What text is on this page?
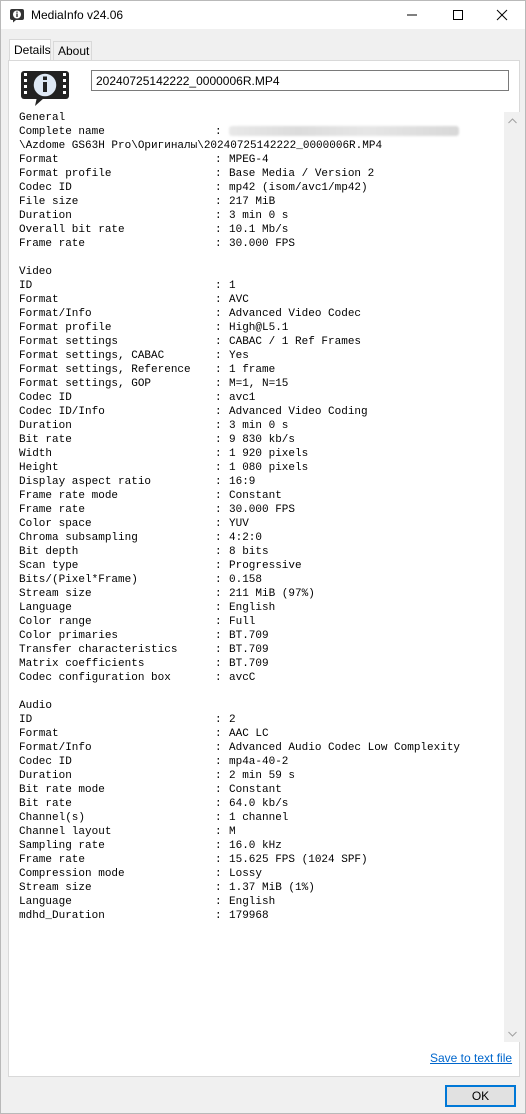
MediaInfo v24.06
Details About
20240725142222_0000006R.MP4
General
Complete name	:
\Azdome GS63H Pro\Оригиналы\20240725142222_0000006R.MP4
Format	: MPEG-4
Format profile	: Base Media / Version 2
Codec ID	: mp42 (isom/avc1/mp42)
File size	: 217 MiB
Duration	: 3 min 0 s
Overall bit rate	: 10.1 Mb/s
Frame rate	: 30.000 FPS

Video
ID	: 1
Format	: AVC
Format/Info	: Advanced Video Codec
Format profile	: High@L5.1
Format settings	: CABAC / 1 Ref Frames
Format settings, CABAC	: Yes
Format settings, Reference : 1 frame
Format settings, GOP	: M=1, N=15
Codec ID	: avc1
Codec ID/Info	: Advanced Video Coding
Duration	: 3 min 0 s
Bit rate	: 9 830 kb/s
Width	: 1 920 pixels
Height	: 1 080 pixels
Display aspect ratio	: 16:9
Frame rate mode	: Constant
Frame rate	: 30.000 FPS
Color space	: YUV
Chroma subsampling	: 4:2:0
Bit depth	: 8 bits
Scan type	: Progressive
Bits/(Pixel*Frame)	: 0.158
Stream size	: 211 MiB (97%)
Language	: English
Color range	: Full
Color primaries	: BT.709
Transfer characteristics	: BT.709
Matrix coefficients	: BT.709
Codec configuration box	: avcC

Audio
ID	: 2
Format	: AAC LC
Format/Info	: Advanced Audio Codec Low Complexity
Codec ID	: mp4a-40-2
Duration	: 2 min 59 s
Bit rate mode	: Constant
Bit rate	: 64.0 kb/s
Channel(s)	: 1 channel
Channel layout	: M
Sampling rate	: 16.0 kHz
Frame rate	: 15.625 FPS (1024 SPF)
Compression mode	: Lossy
Stream size	: 1.37 MiB (1%)
Language	: English
mdhd_Duration	: 179968
Save to text file
OK
